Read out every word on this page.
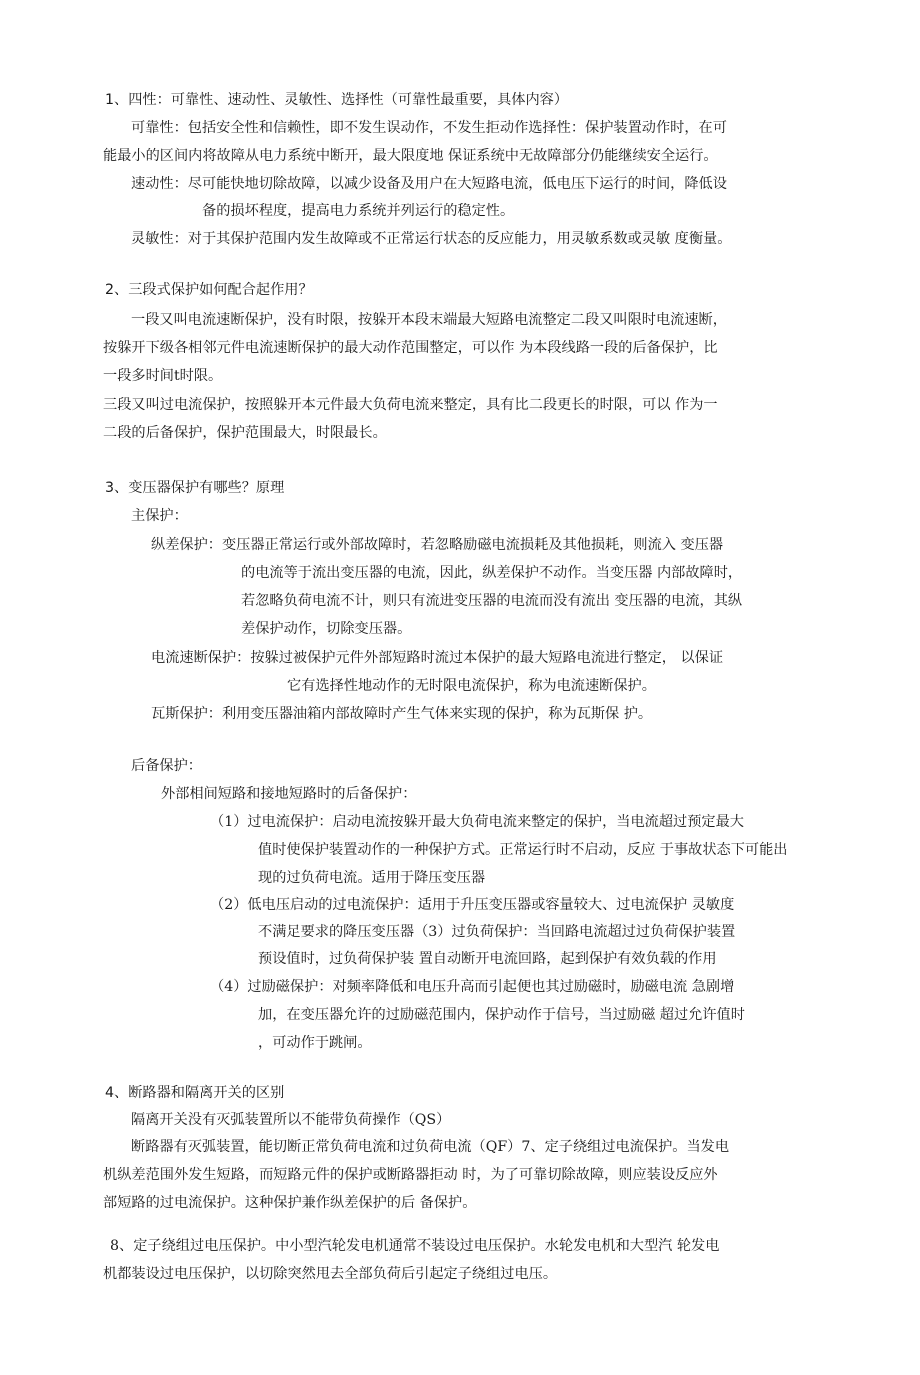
1、四性：可靠性、速动性、灵敏性、选择性（可靠性最重要，具体内容）
可靠性：包括安全性和信赖性，即不发生误动作，不发生拒动作选择性：保护装置动作时，在可
能最小的区间内将故障从电力系统中断开，最大限度地 保证系统中无故障部分仍能继续安全运行。
速动性：尽可能快地切除故障，以减少设备及用户在大短路电流，低电压下运行的时间，降低设
备的损坏程度，提高电力系统并列运行的稳定性。
灵敏性：对于其保护范围内发生故障或不正常运行状态的反应能力，用灵敏系数或灵敏 度衡量。
2、三段式保护如何配合起作用？
一段又叫电流速断保护，没有时限，按躲开本段末端最大短路电流整定二段又叫限时电流速断，
按躲开下级各相邻元件电流速断保护的最大动作范围整定，可以作 为本段线路一段的后备保护，比
一段多时间t时限。
三段又叫过电流保护，按照躲开本元件最大负荷电流来整定，具有比二段更长的时限，可以 作为一
二段的后备保护，保护范围最大，时限最长。
3、变压器保护有哪些？原理
主保护：
纵差保护：变压器正常运行或外部故障时，若忽略励磁电流损耗及其他损耗，则流入 变压器
的电流等于流出变压器的电流，因此，纵差保护不动作。当变压器 内部故障时，
若忽略负荷电流不计，则只有流进变压器的电流而没有流出 变压器的电流，其纵
差保护动作，切除变压器。
电流速断保护：按躲过被保护元件外部短路时流过本保护的最大短路电流进行整定， 以保证
它有选择性地动作的无时限电流保护，称为电流速断保护。
瓦斯保护：利用变压器油箱内部故障时产生气体来实现的保护，称为瓦斯保 护。
后备保护：
外部相间短路和接地短路时的后备保护：
（1）过电流保护：启动电流按躲开最大负荷电流来整定的保护，当电流超过预定最大
值时使保护装置动作的一种保护方式。正常运行时不启动，反应 于事故状态下可能出
现的过负荷电流。适用于降压变压器
（2）低电压启动的过电流保护：适用于升压变压器或容量较大、过电流保护 灵敏度
不满足要求的降压变压器（3）过负荷保护：当回路电流超过过负荷保护装置
预设值时，过负荷保护装 置自动断开电流回路，起到保护有效负载的作用
（4）过励磁保护：对频率降低和电压升高而引起便也其过励磁时，励磁电流 急剧增
加，在变压器允许的过励磁范围内，保护动作于信号，当过励磁 超过允许值时
，可动作于跳闸。
4、断路器和隔离开关的区别
隔离开关没有灭弧装置所以不能带负荷操作（QS）
断路器有灭弧装置，能切断正常负荷电流和过负荷电流（QF）7、定子绕组过电流保护。当发电
机纵差范围外发生短路，而短路元件的保护或断路器拒动 时，为了可靠切除故障，则应装设反应外
部短路的过电流保护。这种保护兼作纵差保护的后 备保护。
8、定子绕组过电压保护。中小型汽轮发电机通常不装设过电压保护。水轮发电机和大型汽 轮发电
机都装设过电压保护，以切除突然甩去全部负荷后引起定子绕组过电压。
